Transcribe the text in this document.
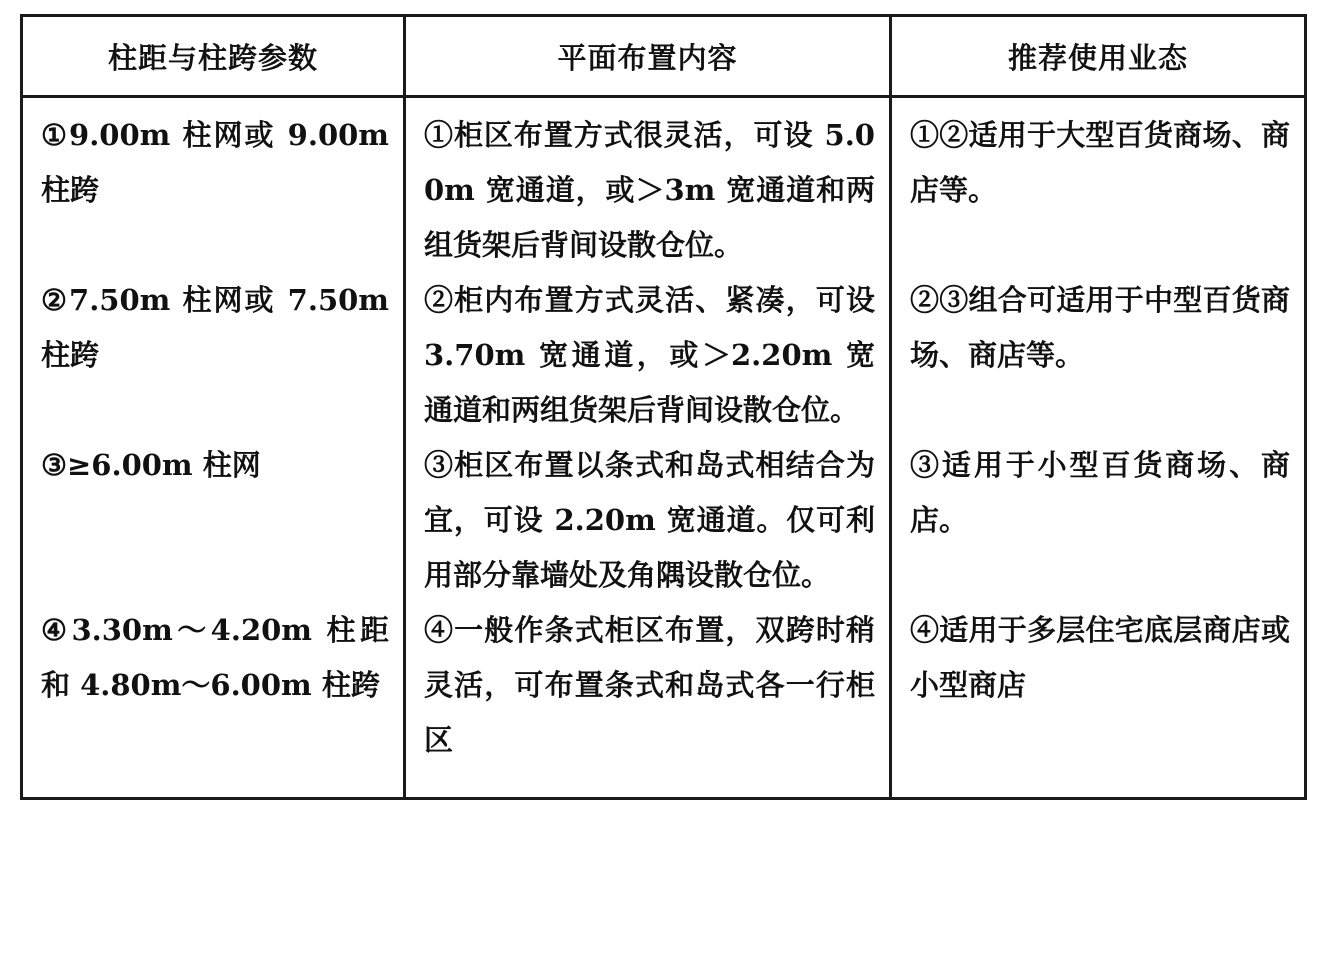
柱距与柱跨参数	平面布置内容	推荐使用业态
①9.00m 柱网或 9.00m 柱跨	①柜区布置方式很灵活，可设 5.00m 宽通道，或＞3m 宽通道和两组货架后背间设散仓位。	①②适用于大型百货商场、商店等。
②7.50m 柱网或 7.50m 柱跨	②柜内布置方式灵活、紧凑，可设 3.70m 宽通道，或＞2.20m 宽通道和两组货架后背间设散仓位。	②③组合可适用于中型百货商场、商店等。
③≥6.00m 柱网	③柜区布置以条式和岛式相结合为宜，可设 2.20m 宽通道。仅可利用部分靠墙处及角隅设散仓位。	③适用于小型百货商场、商店。
④3.30m～4.20m 柱距和 4.80m～6.00m 柱跨	④一般作条式柜区布置，双跨时稍灵活，可布置条式和岛式各一行柜区	④适用于多层住宅底层商店或小型商店
